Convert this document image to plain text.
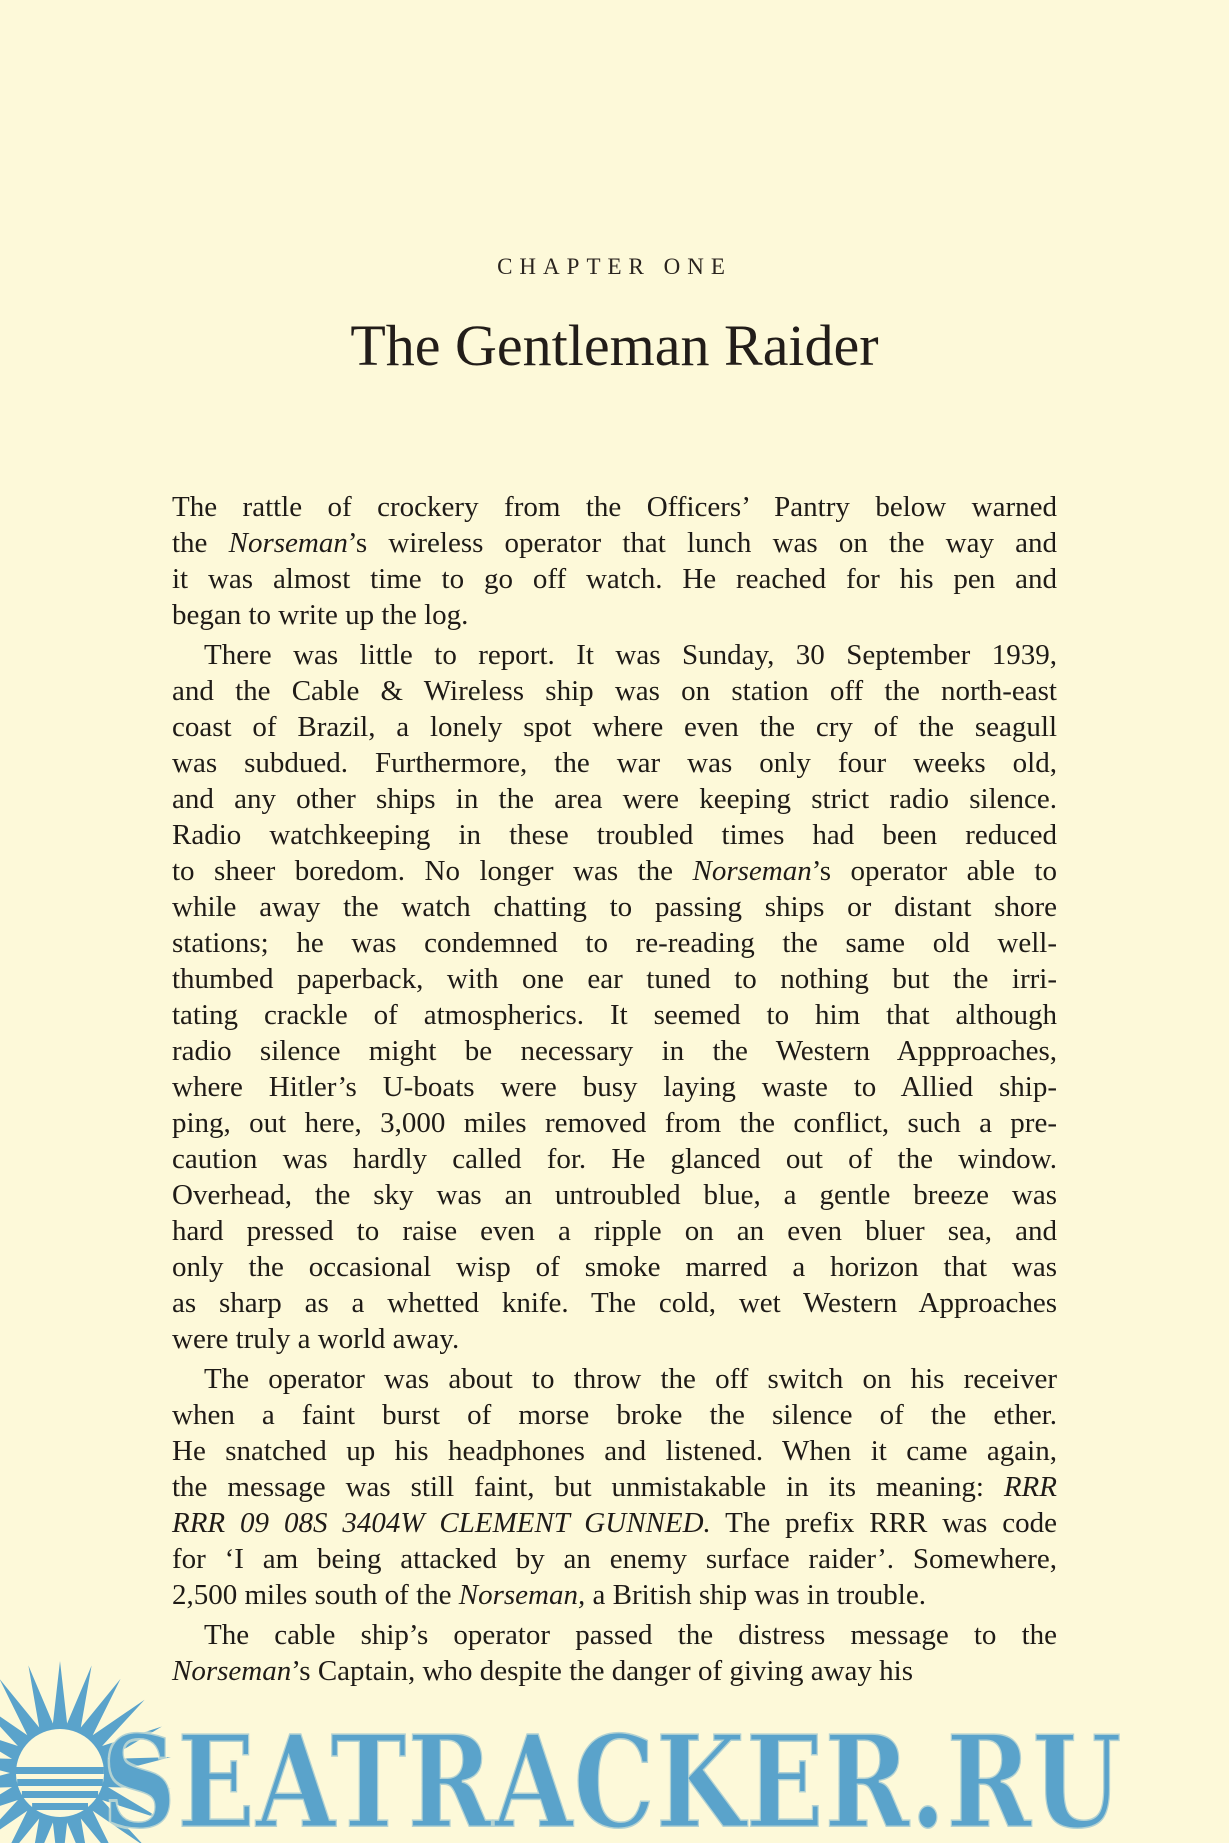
CHAPTER ONE
The Gentleman Raider
The rattle of crockery from the Officers’ Pantry below warned
the Norseman’s wireless operator that lunch was on the way and
it was almost time to go off watch. He reached for his pen and
began to write up the log.
There was little to report. It was Sunday, 30 September 1939,
and the Cable & Wireless ship was on station off the north-east
coast of Brazil, a lonely spot where even the cry of the seagull
was subdued. Furthermore, the war was only four weeks old,
and any other ships in the area were keeping strict radio silence.
Radio watchkeeping in these troubled times had been reduced
to sheer boredom. No longer was the Norseman’s operator able to
while away the watch chatting to passing ships or distant shore
stations; he was condemned to re-reading the same old well-
thumbed paperback, with one ear tuned to nothing but the irri-
tating crackle of atmospherics. It seemed to him that although
radio silence might be necessary in the Western Appproaches,
where Hitler’s U-boats were busy laying waste to Allied ship-
ping, out here, 3,000 miles removed from the conflict, such a pre-
caution was hardly called for. He glanced out of the window.
Overhead, the sky was an untroubled blue, a gentle breeze was
hard pressed to raise even a ripple on an even bluer sea, and
only the occasional wisp of smoke marred a horizon that was
as sharp as a whetted knife. The cold, wet Western Approaches
were truly a world away.
The operator was about to throw the off switch on his receiver
when a faint burst of morse broke the silence of the ether.
He snatched up his headphones and listened. When it came again,
the message was still faint, but unmistakable in its meaning: RRR
RRR 09 08S 3404W CLEMENT GUNNED. The prefix RRR was code
for ‘I am being attacked by an enemy surface raider’. Somewhere,
2,500 miles south of the Norseman, a British ship was in trouble.
The cable ship’s operator passed the distress message to the
Norseman’s Captain, who despite the danger of giving away his
SEATRACKER.RU
SEATRACKER.RU
